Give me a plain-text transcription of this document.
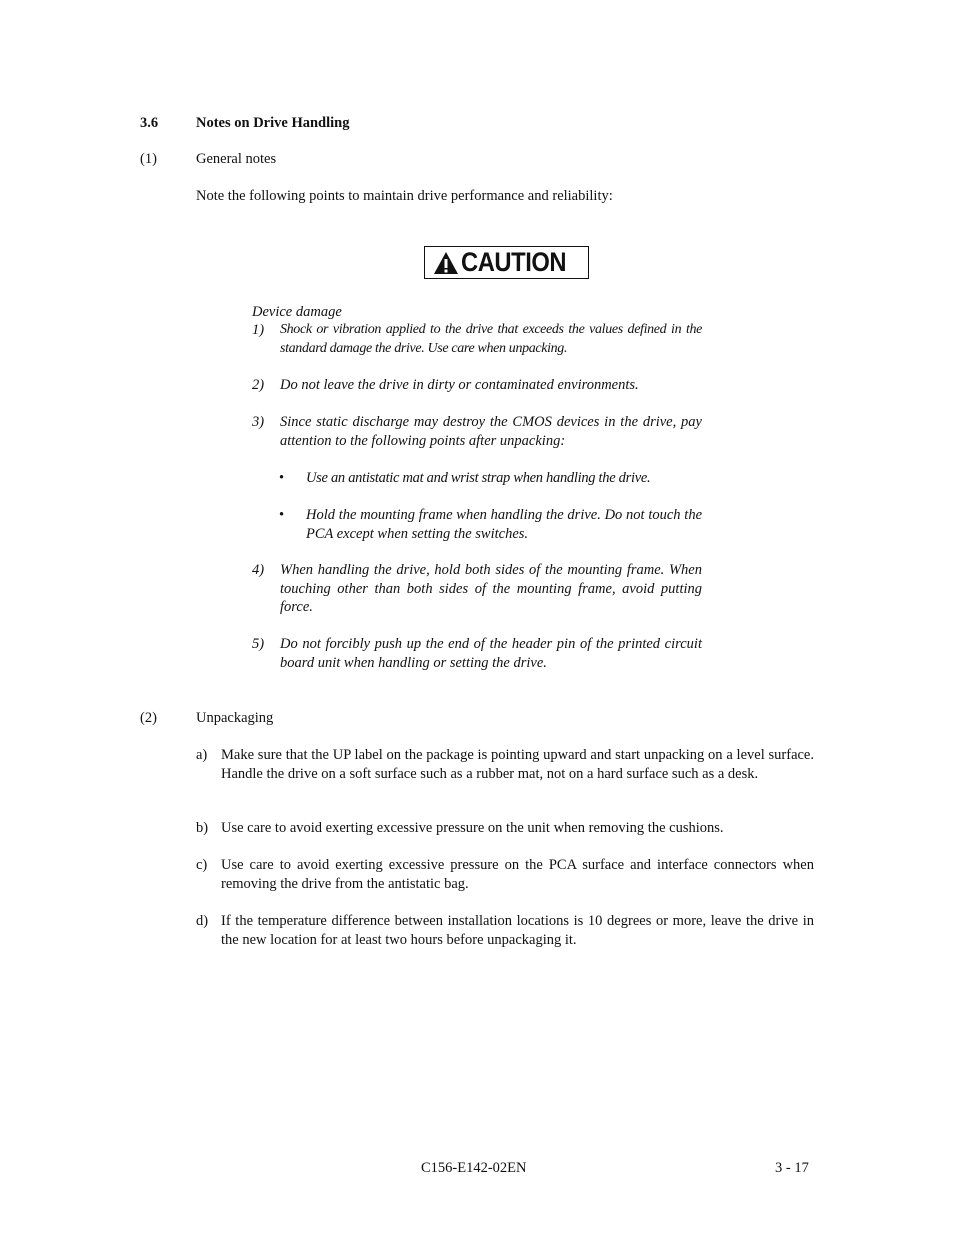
3.6	Notes on Drive Handling
(1)	General notes
Note the following points to maintain drive performance and reliability:
CAUTION
Device damage
1) Shock or vibration applied to the drive that exceeds the values defined in the standard damage the drive. Use care when unpacking.
2) Do not leave the drive in dirty or contaminated environments.
3) Since static discharge may destroy the CMOS devices in the drive, pay attention to the following points after unpacking:
• Use an antistatic mat and wrist strap when handling the drive.
• Hold the mounting frame when handling the drive. Do not touch the PCA except when setting the switches.
4) When handling the drive, hold both sides of the mounting frame. When touching other than both sides of the mounting frame, avoid putting force.
5) Do not forcibly push up the end of the header pin of the printed circuit board unit when handling or setting the drive.
(2)	Unpackaging
a) Make sure that the UP label on the package is pointing upward and start unpacking on a level surface. Handle the drive on a soft surface such as a rubber mat, not on a hard surface such as a desk.
b) Use care to avoid exerting excessive pressure on the unit when removing the cushions.
c) Use care to avoid exerting excessive pressure on the PCA surface and interface connectors when removing the drive from the antistatic bag.
d) If the temperature difference between installation locations is 10 degrees or more, leave the drive in the new location for at least two hours before unpackaging it.
C156-E142-02EN	3 - 17
